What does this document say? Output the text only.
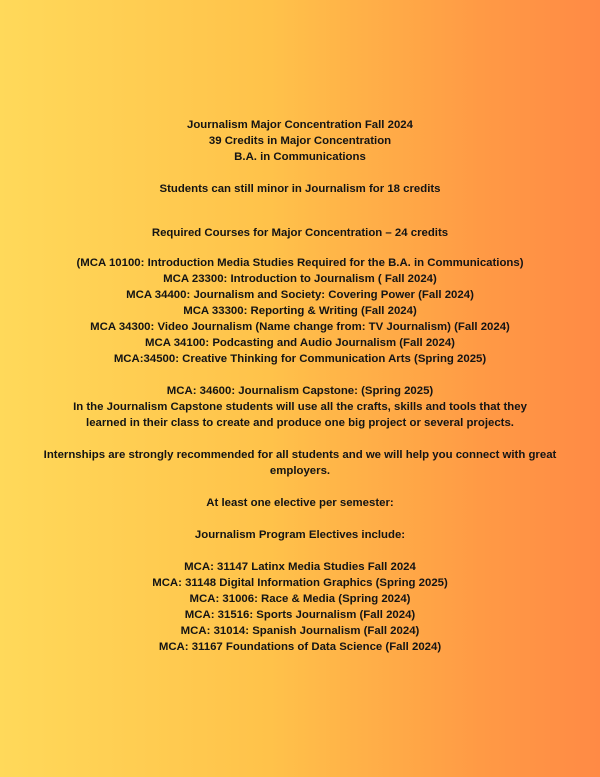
Journalism Major Concentration Fall 2024
39 Credits in Major Concentration
B.A. in Communications
Students can still minor in Journalism for 18 credits
Required Courses for Major Concentration – 24 credits
(MCA 10100: Introduction Media Studies Required for the B.A. in Communications)
MCA 23300: Introduction to Journalism ( Fall 2024)
MCA 34400: Journalism and Society: Covering Power (Fall 2024)
MCA 33300: Reporting & Writing (Fall 2024)
MCA 34300: Video Journalism (Name change from: TV Journalism) (Fall 2024)
MCA 34100: Podcasting and Audio Journalism (Fall 2024)
MCA:34500: Creative Thinking for Communication Arts (Spring 2025)
MCA: 34600: Journalism Capstone: (Spring 2025)
In the Journalism Capstone students will use all the crafts, skills and tools that they
learned in their class to create and produce one big project or several projects.
Internships are strongly recommended for all students and we will help you connect with great employers.
At least one elective per semester:
Journalism Program Electives include:
MCA: 31147 Latinx Media Studies Fall 2024
MCA: 31148 Digital Information Graphics (Spring 2025)
MCA: 31006: Race & Media (Spring 2024)
MCA: 31516: Sports Journalism (Fall 2024)
MCA: 31014: Spanish Journalism (Fall 2024)
MCA: 31167 Foundations of Data Science (Fall 2024)
